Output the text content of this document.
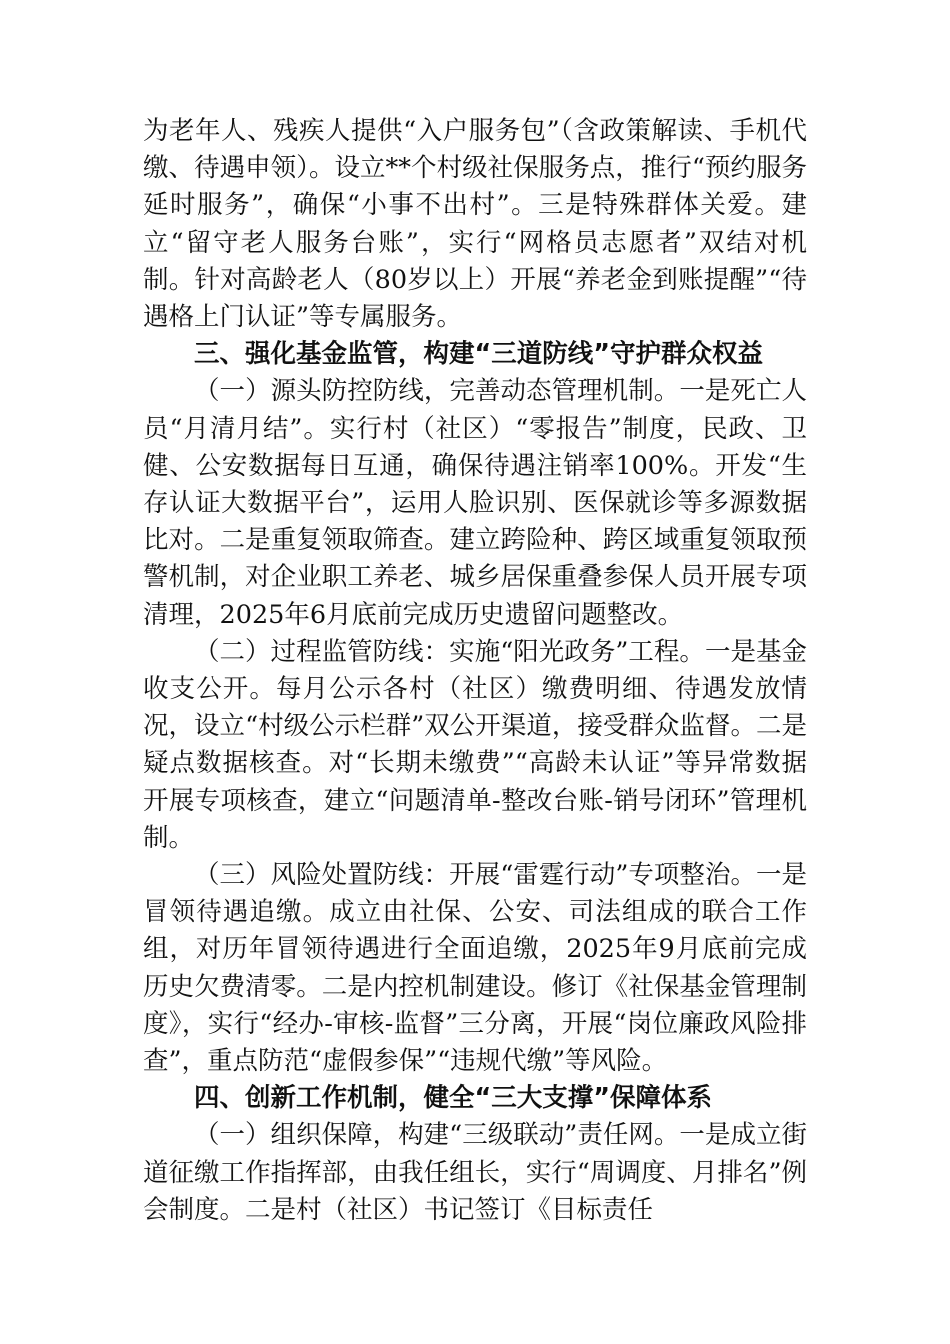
为老年人、残疾人提供“入户服务包”（含政策解读、手机代缴、待遇申领）。设立**个村级社保服务点，推行“预约服务延时服务”，确保“小事不出村”。三是特殊群体关爱。建立“留守老人服务台账”，实行“网格员志愿者”双结对机制。针对高龄老人（80岁以上）开展“养老金到账提醒”“待遇格上门认证”等专属服务。

三、强化基金监管，构建“三道防线”守护群众权益

（一）源头防控防线，完善动态管理机制。一是死亡人员“月清月结”。实行村（社区）“零报告”制度，民政、卫健、公安数据每日互通，确保待遇注销率100%。开发“生存认证大数据平台”，运用人脸识别、医保就诊等多源数据比对。二是重复领取筛查。建立跨险种、跨区域重复领取预警机制，对企业职工养老、城乡居保重叠参保人员开展专项清理，2025年6月底前完成历史遗留问题整改。

（二）过程监管防线：实施“阳光政务”工程。一是基金收支公开。每月公示各村（社区）缴费明细、待遇发放情况，设立“村级公示栏群”双公开渠道，接受群众监督。二是疑点数据核查。对“长期未缴费”“高龄未认证”等异常数据开展专项核查，建立“问题清单-整改台账-销号闭环”管理机制。

（三）风险处置防线：开展“雷霆行动”专项整治。一是冒领待遇追缴。成立由社保、公安、司法组成的联合工作组，对历年冒领待遇进行全面追缴，2025年9月底前完成历史欠费清零。二是内控机制建设。修订《社保基金管理制度》，实行“经办-审核-监督”三分离，开展“岗位廉政风险排查”，重点防范“虚假参保”“违规代缴”等风险。

四、创新工作机制，健全“三大支撑”保障体系

（一）组织保障，构建“三级联动”责任网。一是成立街道征缴工作指挥部，由我任组长，实行“周调度、月排名”例会制度。二是村（社区）书记签订《目标责任
